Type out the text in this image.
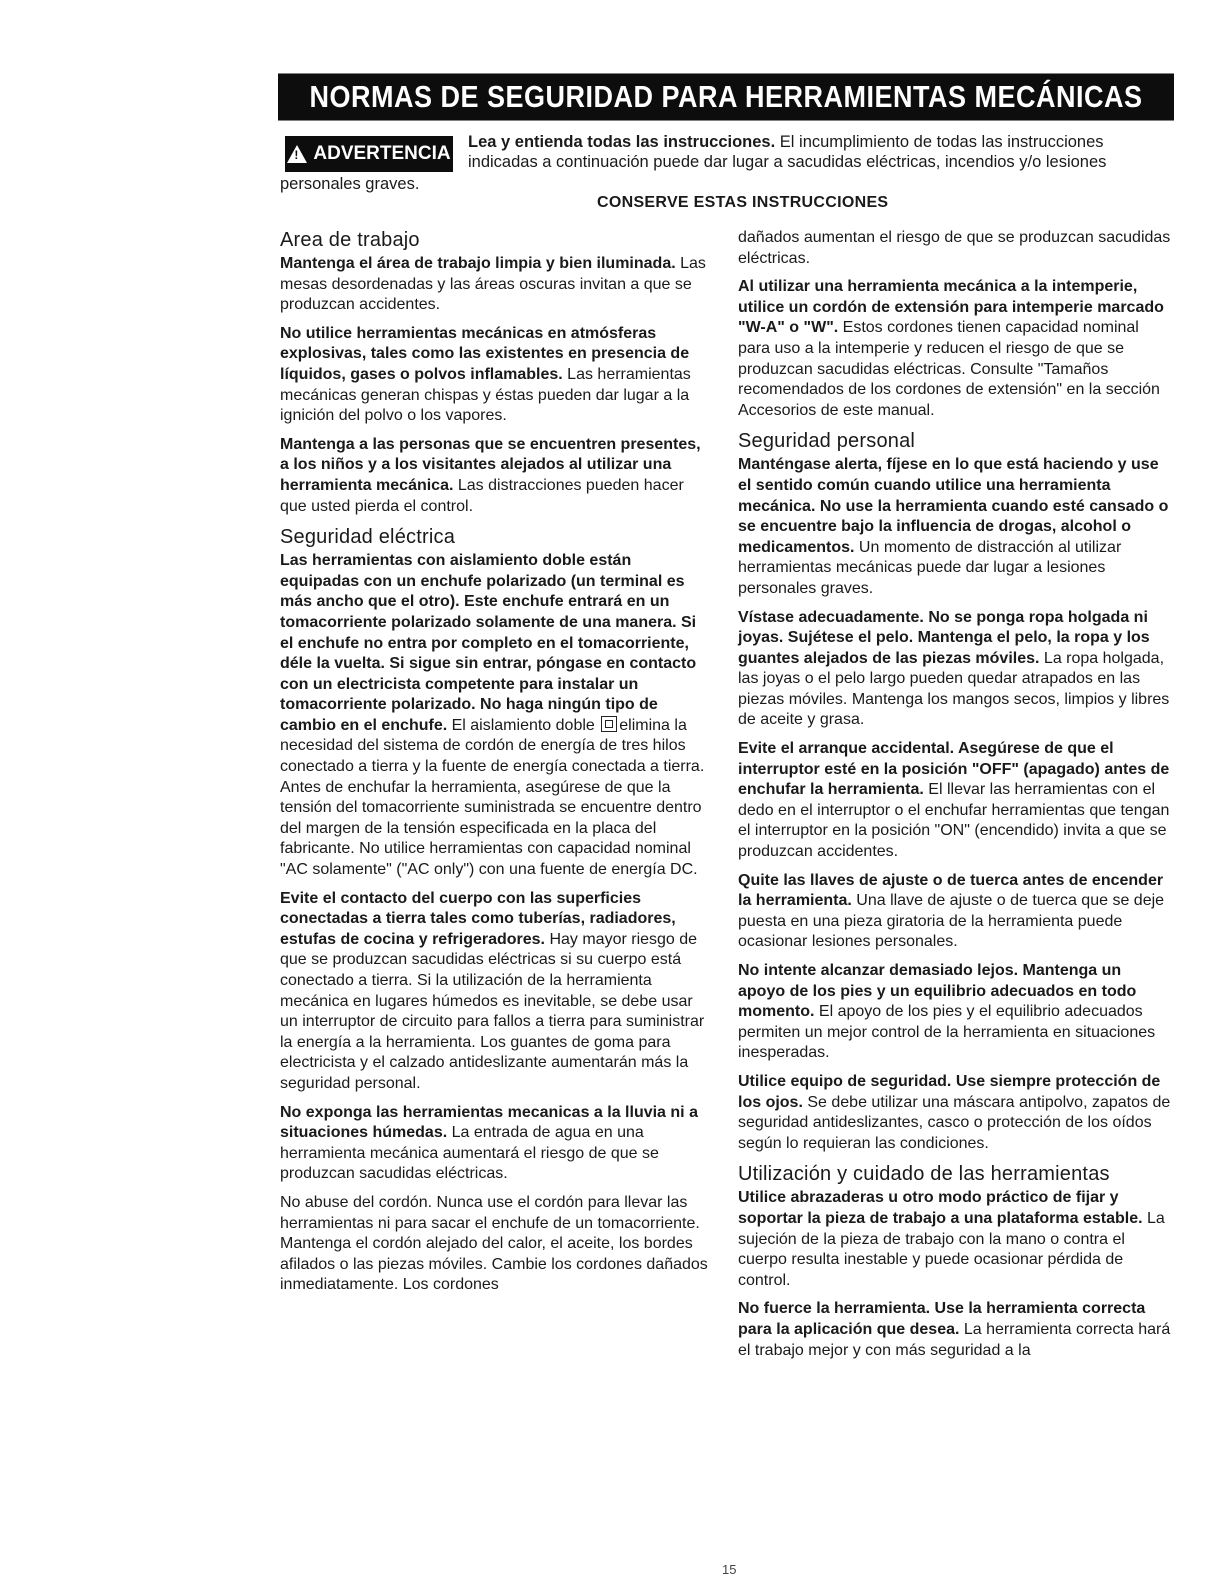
NORMAS DE SEGURIDAD PARA HERRAMIENTAS MECÁNICAS
!
ADVERTENCIA
Lea y entienda todas las instrucciones. El incumplimiento de todas las instrucciones indicadas a continuación puede dar lugar a sacudidas eléctricas, incendios y/o lesiones
personales graves.
CONSERVE ESTAS INSTRUCCIONES
Area de trabajo

Mantenga el área de trabajo limpia y bien iluminada. Las mesas desordenadas y las áreas oscuras invitan a que se produzcan accidentes.

No utilice herramientas mecánicas en atmósferas explosivas, tales como las existentes en presencia de líquidos, gases o polvos inflamables. Las herramientas mecánicas generan chispas y éstas pueden dar lugar a la ignición del polvo o los vapores.

Mantenga a las personas que se encuentren presentes, a los niños y a los visitantes alejados al utilizar una herramienta mecánica. Las distracciones pueden hacer que usted pierda el control.

Seguridad eléctrica

Las herramientas con aislamiento doble están equipadas con un enchufe polarizado (un terminal es más ancho que el otro). Este enchufe entrará en un tomacorriente polarizado solamente de una manera. Si el enchufe no entra por completo en el tomacorriente, déle la vuelta. Si sigue sin entrar, póngase en contacto con un electricista competente para instalar un tomacorriente polarizado. No haga ningún tipo de cambio en el enchufe. El aislamiento doble elimina la necesidad del sistema de cordón de energía de tres hilos conectado a tierra y la fuente de energía conectada a tierra. Antes de enchufar la herramienta, asegúrese de que la tensión del tomacorriente suministrada se encuentre dentro del margen de la tensión especificada en la placa del fabricante. No utilice herramientas con capacidad nominal "AC solamente" ("AC only") con una fuente de energía DC.

Evite el contacto del cuerpo con las superficies conectadas a tierra tales como tuberías, radiadores, estufas de cocina y refrigeradores. Hay mayor riesgo de que se produzcan sacudidas eléctricas si su cuerpo está conectado a tierra. Si la utilización de la herramienta mecánica en lugares húmedos es inevitable, se debe usar un interruptor de circuito para fallos a tierra para suministrar la energía a la herramienta. Los guantes de goma para electricista y el calzado antideslizante aumentarán más la seguridad personal.

No exponga las herramientas mecanicas a la lluvia ni a situaciones húmedas. La entrada de agua en una herramienta mecánica aumentará el riesgo de que se produzcan sacudidas eléctricas.

No abuse del cordón. Nunca use el cordón para llevar las herramientas ni para sacar el enchufe de un tomacorriente. Mantenga el cordón alejado del calor, el aceite, los bordes afilados o las piezas móviles. Cambie los cordones dañados inmediatamente. Los cordones

dañados aumentan el riesgo de que se produzcan sacudidas eléctricas.

Al utilizar una herramienta mecánica a la intemperie, utilice un cordón de extensión para intemperie marcado "W-A" o "W". Estos cordones tienen capacidad nominal para uso a la intemperie y reducen el riesgo de que se produzcan sacudidas eléctricas. Consulte "Tamaños recomendados de los cordones de extensión" en la sección Accesorios de este manual.

Seguridad personal

Manténgase alerta, fíjese en lo que está haciendo y use el sentido común cuando utilice una herramienta mecánica. No use la herramienta cuando esté cansado o se encuentre bajo la influencia de drogas, alcohol o medicamentos. Un momento de distracción al utilizar herramientas mecánicas puede dar lugar a lesiones personales graves.

Vístase adecuadamente. No se ponga ropa holgada ni joyas. Sujétese el pelo. Mantenga el pelo, la ropa y los guantes alejados de las piezas móviles. La ropa holgada, las joyas o el pelo largo pueden quedar atrapados en las piezas móviles. Mantenga los mangos secos, limpios y libres de aceite y grasa.

Evite el arranque accidental. Asegúrese de que el interruptor esté en la posición "OFF" (apagado) antes de enchufar la herramienta. El llevar las herramientas con el dedo en el interruptor o el enchufar herramientas que tengan el interruptor en la posición "ON" (encendido) invita a que se produzcan accidentes.

Quite las llaves de ajuste o de tuerca antes de encender la herramienta. Una llave de ajuste o de tuerca que se deje puesta en una pieza giratoria de la herramienta puede ocasionar lesiones personales.

No intente alcanzar demasiado lejos. Mantenga un apoyo de los pies y un equilibrio adecuados en todo momento. El apoyo de los pies y el equilibrio adecuados permiten un mejor control de la herramienta en situaciones inesperadas.

Utilice equipo de seguridad. Use siempre protección de los ojos. Se debe utilizar una máscara antipolvo, zapatos de seguridad antideslizantes, casco o protección de los oídos según lo requieran las condiciones.

Utilización y cuidado de las herramientas

Utilice abrazaderas u otro modo práctico de fijar y soportar la pieza de trabajo a una plataforma estable. La sujeción de la pieza de trabajo con la mano o contra el cuerpo resulta inestable y puede ocasionar pérdida de control.

No fuerce la herramienta. Use la herramienta correcta para la aplicación que desea. La herramienta correcta hará el trabajo mejor y con más seguridad a la

15
